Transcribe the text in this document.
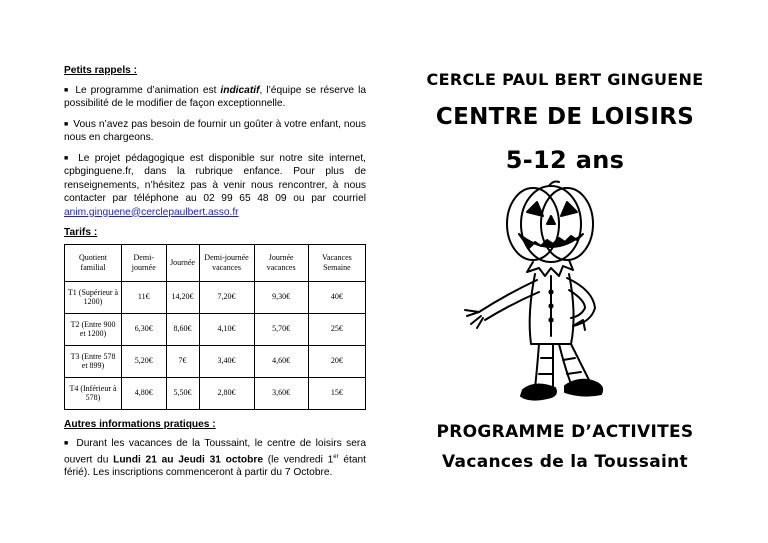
Petits rappels :

■ Le programme d’animation est indicatif, l’équipe se réserve la possibilité de le modifier de façon exceptionnelle.

■ Vous n’avez pas besoin de fournir un goûter à votre enfant, nous nous en chargeons.

■ Le projet pédagogique est disponible sur notre site internet, cpbginguene.fr, dans la rubrique enfance. Pour plus de renseignements, n’hésitez pas à venir nous rencontrer, à nous contacter par téléphone au 02 99 65 48 09 ou par courriel anim.ginguene@cerclepaulbert.asso.fr

Tarifs :

Quotient familial	Demi-journée	Journée	Demi-journée vacances	Journée vacances	Vacances Semaine
T1 (Supérieur à 1200)	11€	14,20€	7,20€	9,30€	40€
T2 (Entre 900 et 1200)	6,30€	8,60€	4,10€	5,70€	25€
T3 (Entre 578 et 899)	5,20€	7€	3,40€	4,60€	20€
T4 (Inférieur à 578)	4,80€	5,50€	2,80€	3,60€	15€

Autres informations pratiques :

■ Durant les vacances de la Toussaint, le centre de loisirs sera ouvert du Lundi 21 au Jeudi 31 octobre (le vendredi 1er étant férié). Les inscriptions commenceront à partir du 7 Octobre.

CERCLE PAUL BERT GINGUENE
CENTRE DE LOISIRS
5-12 ans
PROGRAMME D’ACTIVITES
Vacances de la Toussaint
